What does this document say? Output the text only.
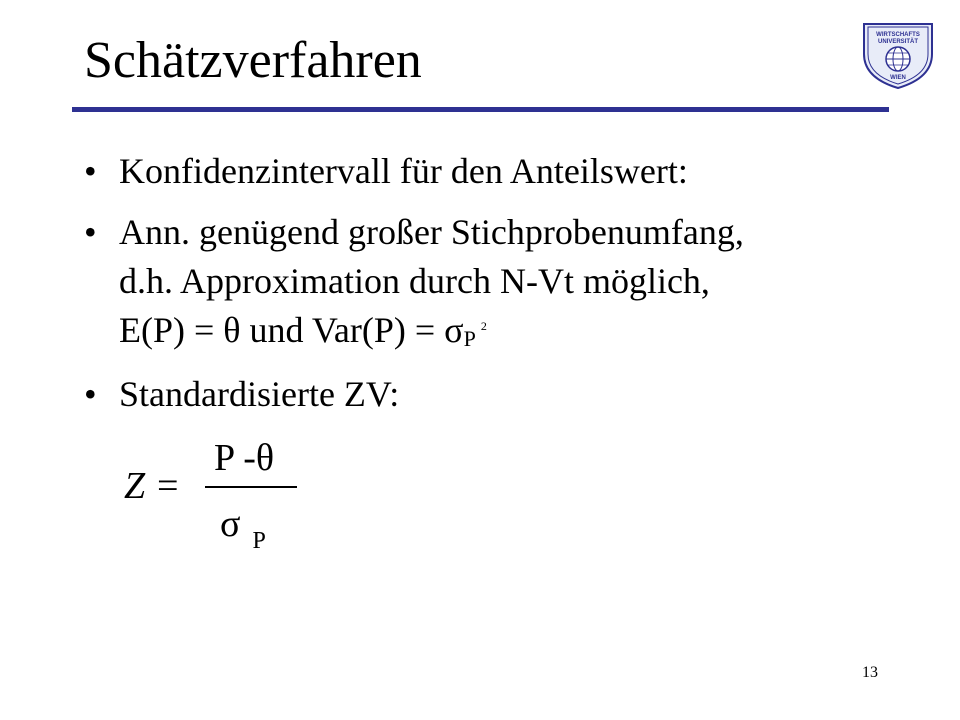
Schätzverfahren	WIRTSCHAFTS
UNIVERSITÄT
WIEN
• Konfidenzintervall für den Anteilswert:
• Ann. genügend großer Stichprobenumfang,
d.h. Approximation durch N-Vt möglich,
E(P) = θ und Var(P) = σP $^2$
• Standardisierte ZV:
Z =
P -θ
σ $_P$
13
